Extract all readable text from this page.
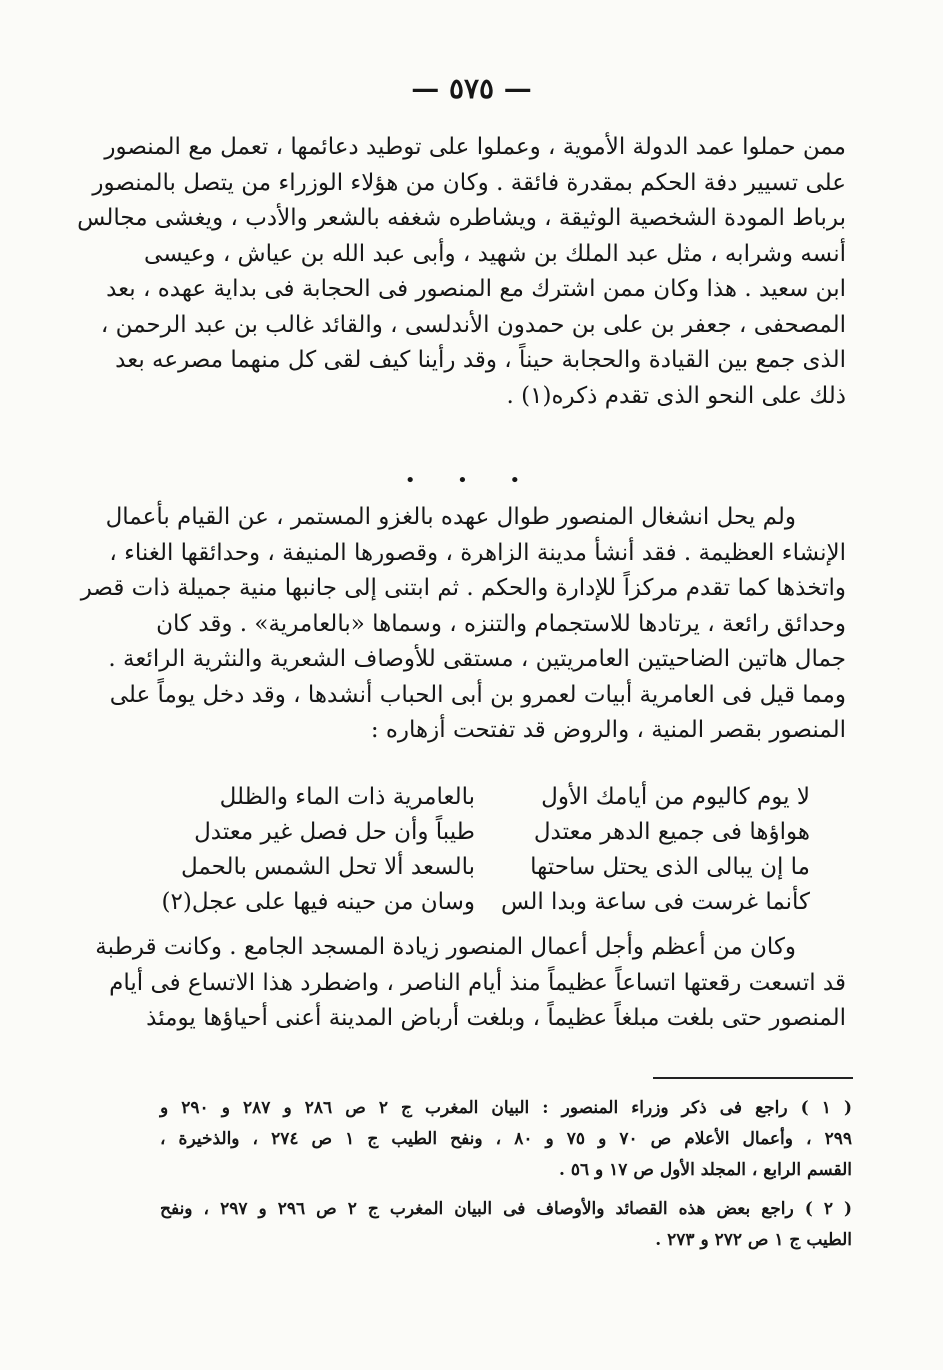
— ٥٧٥ —
ممن حملوا عمد الدولة الأموية ، وعملوا على توطيد دعائمها ، تعمل مع المنصور
على تسيير دفة الحكم بمقدرة فائقة . وكان من هؤلاء الوزراء من يتصل بالمنصور
برباط المودة الشخصية الوثيقة ، ويشاطره شغفه بالشعر والأدب ، ويغشى مجالس
أنسه وشرابه ، مثل عبد الملك بن شهيد ، وأبى عبد الله بن عياش ، وعيسى
ابن سعيد . هذا وكان ممن اشترك مع المنصور فى الحجابة فى بداية عهده ، بعد
المصحفى ، جعفر بن على بن حمدون الأندلسى ، والقائد غالب بن عبد الرحمن ،
الذى جمع بين القيادة والحجابة حيناً ، وقد رأينا كيف لقى كل منهما مصرعه بعد
ذلك على النحو الذى تقدم ذكره(١) .
• • •
ولم يحل انشغال المنصور طوال عهده بالغزو المستمر ، عن القيام بأعمال
الإنشاء العظيمة . فقد أنشأ مدينة الزاهرة ، وقصورها المنيفة ، وحدائقها الغناء ،
واتخذها كما تقدم مركزاً للإدارة والحكم . ثم ابتنى إلى جانبها منية جميلة ذات قصر
وحدائق رائعة ، يرتادها للاستجمام والتنزه ، وسماها «بالعامرية» . وقد كان
جمال هاتين الضاحيتين العامريتين ، مستقى للأوصاف الشعرية والنثرية الرائعة .
ومما قيل فى العامرية أبيات لعمرو بن أبى الحباب أنشدها ، وقد دخل يوماً على
المنصور بقصر المنية ، والروض قد تفتحت أزهاره :
لا يوم كاليوم من أيامك الأول
بالعامرية ذات الماء والظلل
هواؤها فى جميع الدهر معتدل
طيباً وأن حل فصل غير معتدل
ما إن يبالى الذى يحتل ساحتها
بالسعد ألا تحل الشمس بالحمل
كأنما غرست فى ساعة وبدا الس
وسان من حينه فيها على عجل(٢)
وكان من أعظم وأجل أعمال المنصور زيادة المسجد الجامع . وكانت قرطبة
قد اتسعت رقعتها اتساعاً عظيماً منذ أيام الناصر ، واضطرد هذا الاتساع فى أيام
المنصور حتى بلغت مبلغاً عظيماً ، وبلغت أرباض المدينة أعنى أحياؤها يومئذ
( ١ ) راجع فى ذكر وزراء المنصور : البيان المغرب ج ٢ ص ٢٨٦ و ٢٨٧ و ٢٩٠ و
٢٩٩ ، وأعمال الأعلام ص ٧٠ و ٧٥ و ٨٠ ، ونفح الطيب ج ١ ص ٢٧٤ ، والذخيرة ،
القسم الرابع ، المجلد الأول ص ١٧ و ٥٦ .
( ٢ ) راجع بعض هذه القصائد والأوصاف فى البيان المغرب ج ٢ ص ٢٩٦ و ٢٩٧ ، ونفح
الطيب ج ١ ص ٢٧٢ و ٢٧٣ .
